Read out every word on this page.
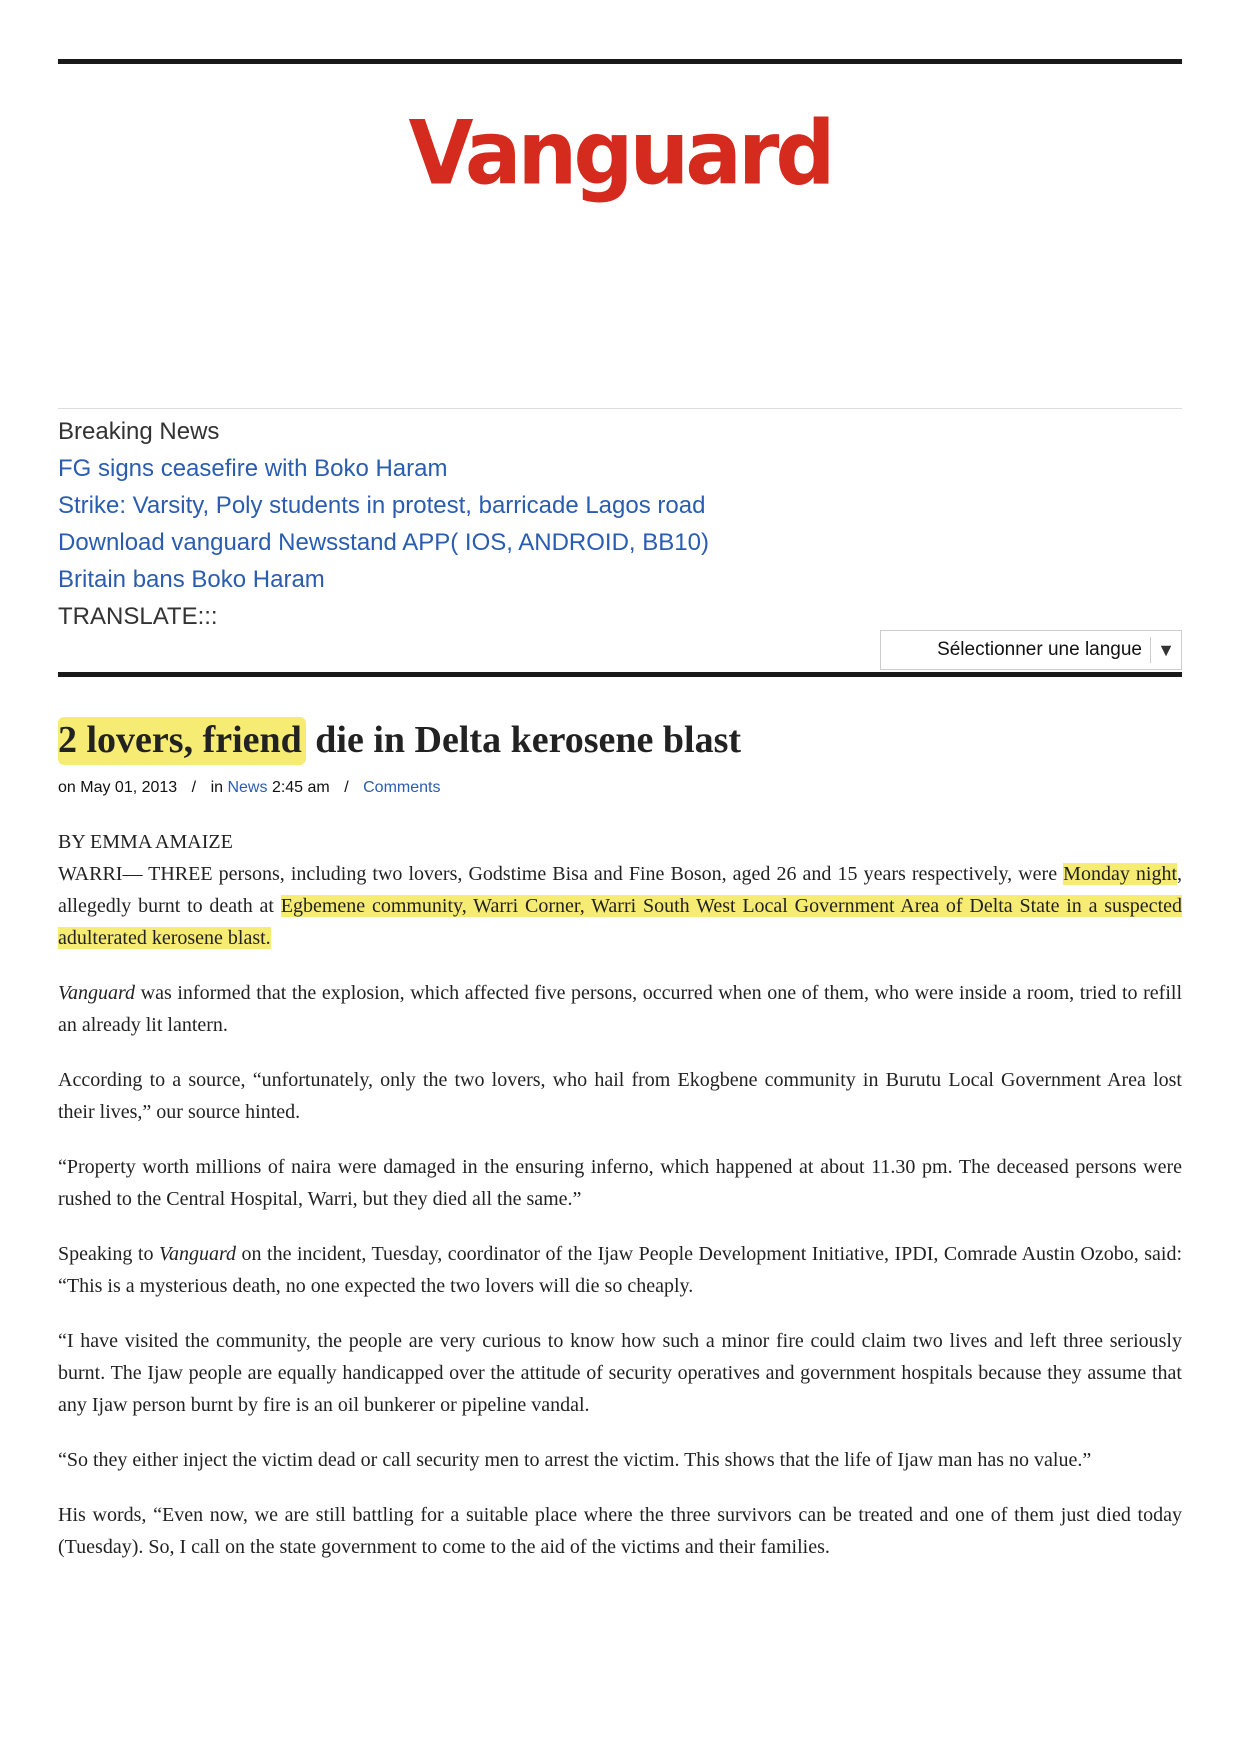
Vanguard
Breaking News
FG signs ceasefire with Boko Haram
Strike: Varsity, Poly students in protest, barricade Lagos road
Download vanguard Newsstand APP( IOS, ANDROID, BB10)
Britain bans Boko Haram
TRANSLATE:::
Sélectionner une langue ▼
2 lovers, friend die in Delta kerosene blast
on May 01, 2013 / in News 2:45 am / Comments

BY EMMA AMAIZE

WARRI— THREE persons, including two lovers, Godstime Bisa and Fine Boson, aged 26 and 15 years respectively, were Monday night, allegedly burnt to death at Egbemene community, Warri Corner, Warri South West Local Government Area of Delta State in a suspected adulterated kerosene blast.

Vanguard was informed that the explosion, which affected five persons, occurred when one of them, who were inside a room, tried to refill an already lit lantern.

According to a source, “unfortunately, only the two lovers, who hail from Ekogbene community in Burutu Local Government Area lost their lives,” our source hinted.

“Property worth millions of naira were damaged in the ensuring inferno, which happened at about 11.30 pm. The deceased persons were rushed to the Central Hospital, Warri, but they died all the same.”

Speaking to Vanguard on the incident, Tuesday, coordinator of the Ijaw People Development Initiative, IPDI, Comrade Austin Ozobo, said: “This is a mysterious death, no one expected the two lovers will die so cheaply.

“I have visited the community, the people are very curious to know how such a minor fire could claim two lives and left three seriously burnt. The Ijaw people are equally handicapped over the attitude of security operatives and government hospitals because they assume that any Ijaw person burnt by fire is an oil bunkerer or pipeline vandal.

“So they either inject the victim dead or call security men to arrest the victim. This shows that the life of Ijaw man has no value.”

His words, “Even now, we are still battling for a suitable place where the three survivors can be treated and one of them just died today (Tuesday). So, I call on the state government to come to the aid of the victims and their families.
